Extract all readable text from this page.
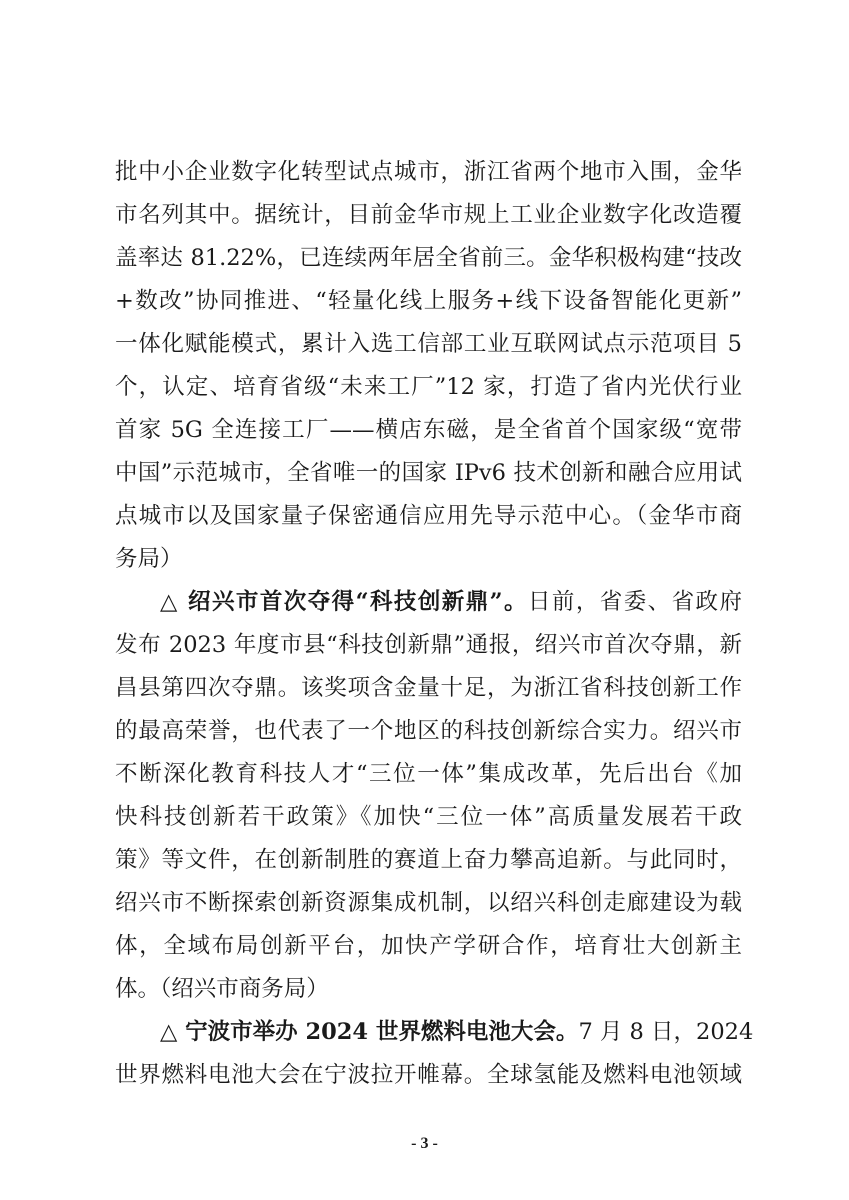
批中小企业数字化转型试点城市，浙江省两个地市入围，金华
市名列其中。据统计，目前金华市规上工业企业数字化改造覆
盖率达 81.22%，已连续两年居全省前三。金华积极构建“技改
+数改”协同推进、“轻量化线上服务+线下设备智能化更新”
一体化赋能模式，累计入选工信部工业互联网试点示范项目 5
个，认定、培育省级“未来工厂”12 家，打造了省内光伏行业
首家 5G 全连接工厂——横店东磁，是全省首个国家级“宽带
中国”示范城市，全省唯一的国家 IPv6 技术创新和融合应用试
点城市以及国家量子保密通信应用先导示范中心。（金华市商
务局）
△ 绍兴市首次夺得“科技创新鼎”。日前，省委、省政府
发布 2023 年度市县“科技创新鼎”通报，绍兴市首次夺鼎，新
昌县第四次夺鼎。该奖项含金量十足，为浙江省科技创新工作
的最高荣誉，也代表了一个地区的科技创新综合实力。绍兴市
不断深化教育科技人才“三位一体”集成改革，先后出台《加
快科技创新若干政策》《加快“三位一体”高质量发展若干政
策》等文件，在创新制胜的赛道上奋力攀高追新。与此同时，
绍兴市不断探索创新资源集成机制，以绍兴科创走廊建设为载
体，全域布局创新平台，加快产学研合作，培育壮大创新主
体。（绍兴市商务局）
△ 宁波市举办 2024 世界燃料电池大会。7 月 8 日，2024
世界燃料电池大会在宁波拉开帷幕。全球氢能及燃料电池领域
- 3 -
